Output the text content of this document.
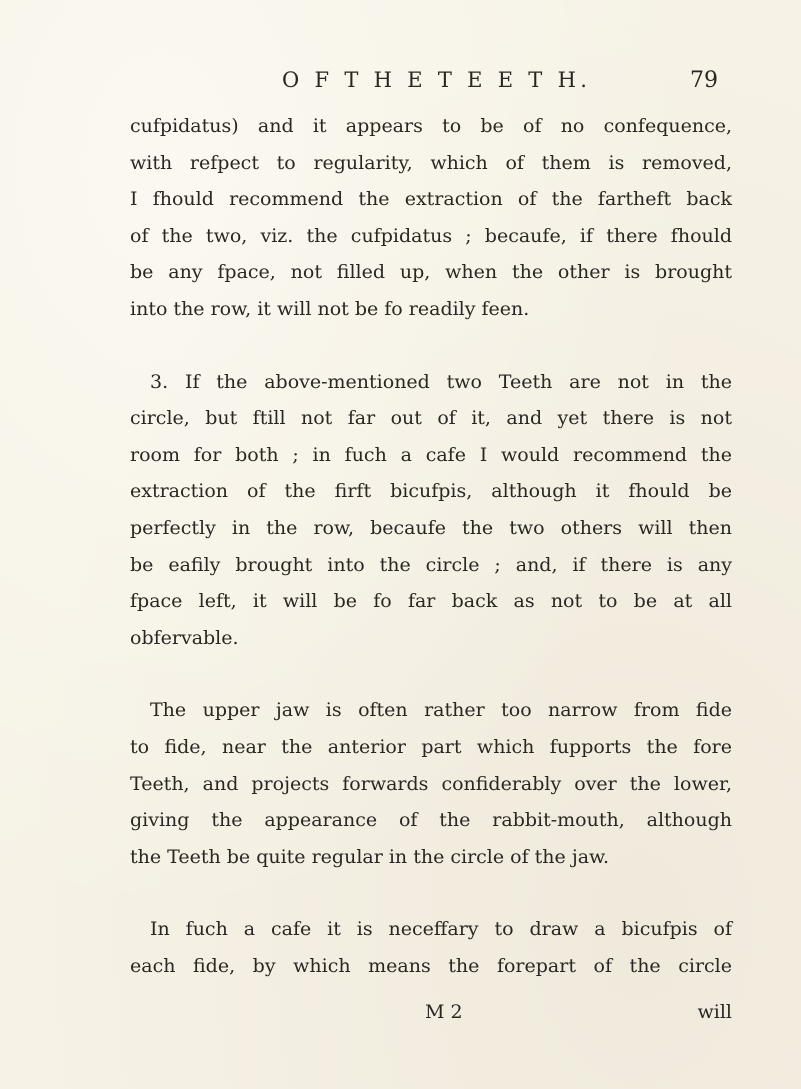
O F T H E T E E T H.	79

cufpidatus) and it appears to be of no confequence,
with refpect to regularity, which of them is removed,
I fhould recommend the extraction of the fartheft back
of the two, viz. the cufpidatus ; becaufe, if there fhould
be any fpace, not filled up, when the other is brought
into the row, it will not be fo readily feen.

3. If the above-mentioned two Teeth are not in the
circle, but ftill not far out of it, and yet there is not
room for both ; in fuch a cafe I would recommend the
extraction of the firft bicufpis, although it fhould be
perfectly in the row, becaufe the two others will then
be eafily brought into the circle ; and, if there is any
fpace left, it will be fo far back as not to be at all
obfervable.

The upper jaw is often rather too narrow from fide
to fide, near the anterior part which fupports the fore
Teeth, and projects forwards confiderably over the lower,
giving the appearance of the rabbit-mouth, although
the Teeth be quite regular in the circle of the jaw.

In fuch a cafe it is neceffary to draw a bicufpis of
each fide, by which means the forepart of the circle

M 2	will
